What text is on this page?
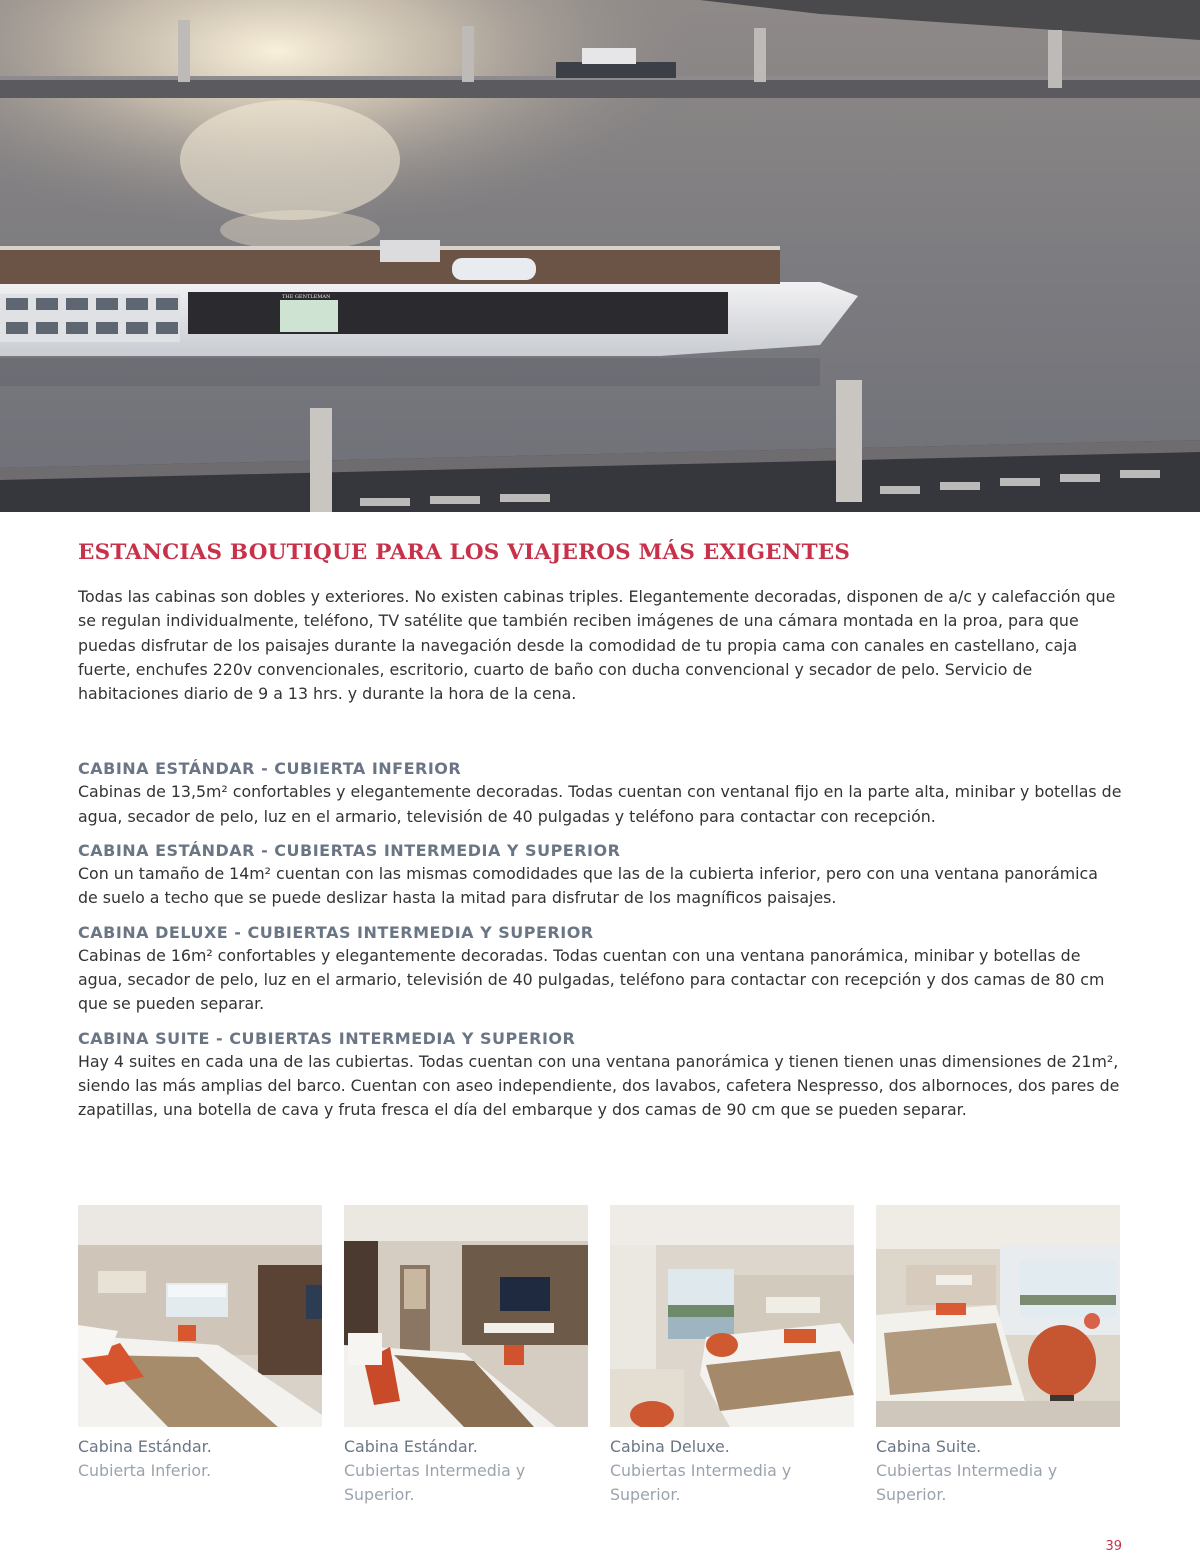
THE GENTLEMAN
ESTANCIAS BOUTIQUE PARA LOS VIAJEROS MÁS EXIGENTES

Todas las cabinas son dobles y exteriores. No existen cabinas triples. Elegantemente decoradas, disponen de a/c y calefacción que se regulan individualmente, teléfono, TV satélite que también reciben imágenes de una cámara montada en la proa, para que puedas disfrutar de los paisajes durante la navegación desde la comodidad de tu propia cama con canales en castellano, caja fuerte, enchufes 220v convencionales, escritorio, cuarto de baño con ducha convencional y secador de pelo. Servicio de habitaciones diario de 9 a 13 hrs. y durante la hora de la cena.

CABINA ESTÁNDAR - CUBIERTA INFERIOR
Cabinas de 13,5m² confortables y elegantemente decoradas. Todas cuentan con ventanal fijo en la parte alta, minibar y botellas de agua, secador de pelo, luz en el armario, televisión de 40 pulgadas y teléfono para contactar con recepción.
CABINA ESTÁNDAR - CUBIERTAS INTERMEDIA Y SUPERIOR
Con un tamaño de 14m² cuentan con las mismas comodidades que las de la cubierta inferior, pero con una ventana panorámica de suelo a techo que se puede deslizar hasta la mitad para disfrutar de los magníficos paisajes.
CABINA DELUXE - CUBIERTAS INTERMEDIA Y SUPERIOR
Cabinas de 16m² confortables y elegantemente decoradas. Todas cuentan con una ventana panorámica, minibar y botellas de agua, secador de pelo, luz en el armario, televisión de 40 pulgadas, teléfono para contactar con recepción y dos camas de 80 cm que se pueden separar.
CABINA SUITE - CUBIERTAS INTERMEDIA Y SUPERIOR
Hay 4 suites en cada una de las cubiertas. Todas cuentan con una ventana panorámica y tienen tienen unas dimensiones de 21m², siendo las más amplias del barco. Cuentan con aseo independiente, dos lavabos, cafetera Nespresso, dos albornoces, dos pares de zapatillas, una botella de cava y fruta fresca el día del embarque y dos camas de 90 cm que se pueden separar.
Cabina Estándar.
Cubierta Inferior.
Cabina Estándar.
Cubiertas Intermedia y Superior.
Cabina Deluxe.
Cubiertas Intermedia y Superior.
Cabina Suite.
Cubiertas Intermedia y Superior.
39
